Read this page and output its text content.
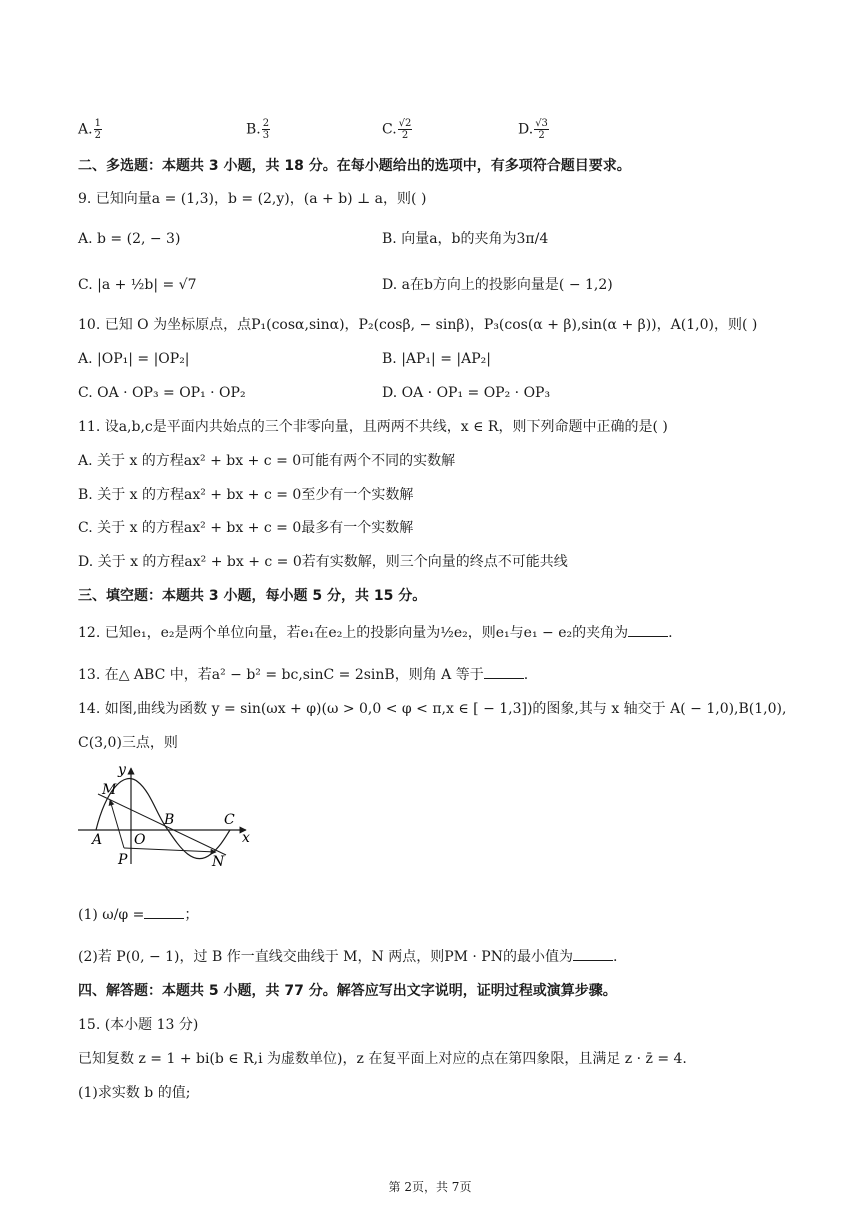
A. $\frac{1}{2}$	B. $\frac{2}{3}$	C. $\frac{√2}{2}$	D. $\frac{√3}{2}$
二、多选题：本题共 3 小题，共 18 分。在每小题给出的选项中，有多项符合题目要求。
9. 已知向量a = (1,3)，b = (2,y)，(a + b) ⊥ a，则( )
A. b = (2, − 3)	B. 向量a，b的夹角为3π/4
C. |a + ½b| = √7	D. a在b方向上的投影向量是( − 1,2)
10. 已知 O 为坐标原点，点P₁(cosα,sinα)，P₂(cosβ, − sinβ)，P₃(cos(α + β),sin(α + β))，A(1,0)，则( )
A. |OP₁| = |OP₂|	B. |AP₁| = |AP₂|
C. OA · OP₃ = OP₁ · OP₂	D. OA · OP₁ = OP₂ · OP₃
11. 设a,b,c是平面内共始点的三个非零向量，且两两不共线，x ∈ R，则下列命题中正确的是( )
A. 关于 x 的方程ax² + bx + c = 0可能有两个不同的实数解
B. 关于 x 的方程ax² + bx + c = 0至少有一个实数解
C. 关于 x 的方程ax² + bx + c = 0最多有一个实数解
D. 关于 x 的方程ax² + bx + c = 0若有实数解，则三个向量的终点不可能共线
三、填空题：本题共 3 小题，每小题 5 分，共 15 分。
12. 已知e₁，e₂是两个单位向量，若e₁在e₂上的投影向量为½e₂，则e₁与e₁ − e₂的夹角为	.
13. 在△ ABC 中，若a² − b² = bc,sinC = 2sinB，则角 A 等于	.
14. 如图,曲线为函数 y = sin(ωx + φ)(ω > 0,0 < φ < π,x ∈ [ − 1,3])的图象,其与 x 轴交于 A( − 1,0),B(1,0),
C(3,0)三点，则
y
x
M
A O
B	C
P	N
(1) ω/φ =	；
(2)若 P(0, − 1)，过 B 作一直线交曲线于 M，N 两点，则PM · PN的最小值为	.
四、解答题：本题共 5 小题，共 77 分。解答应写出文字说明，证明过程或演算步骤。
15. (本小题 13 分)
已知复数 z = 1 + bi(b ∈ R,i 为虚数单位)，z 在复平面上对应的点在第四象限，且满足 z · z̄ = 4.
(1)求实数 b 的值;
第 2页，共 7页
